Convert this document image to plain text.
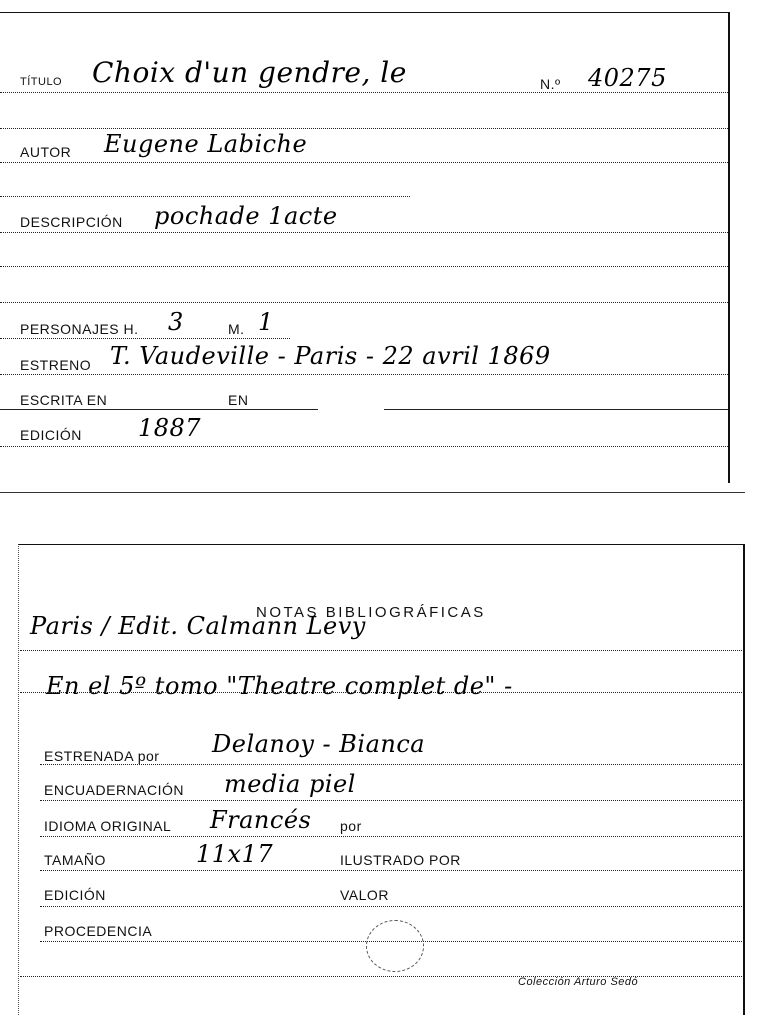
TÍTULO Choix d'un gendre, le	N.º 40275
AUTOR Eugene Labiche
DESCRIPCIÓN pochade 1acte
PERSONAJES H. 3	M. 1
ESTRENO T. Vaudeville - Paris - 22 avril 1869
ESCRITA EN	EN
EDICIÓN 1887
NOTAS BIBLIOGRÁFICAS
Paris / Edit. Calmann Levy
En el 5º tomo "Theatre complet de" -
ESTRENADA por Delanoy - Bianca
ENCUADERNACIÓN media piel
IDIOMA ORIGINAL Francés por
TAMAÑO	11x17	ILUSTRADO POR
EDICIÓN	VALOR
PROCEDENCIA
Colección Arturo Sedó
